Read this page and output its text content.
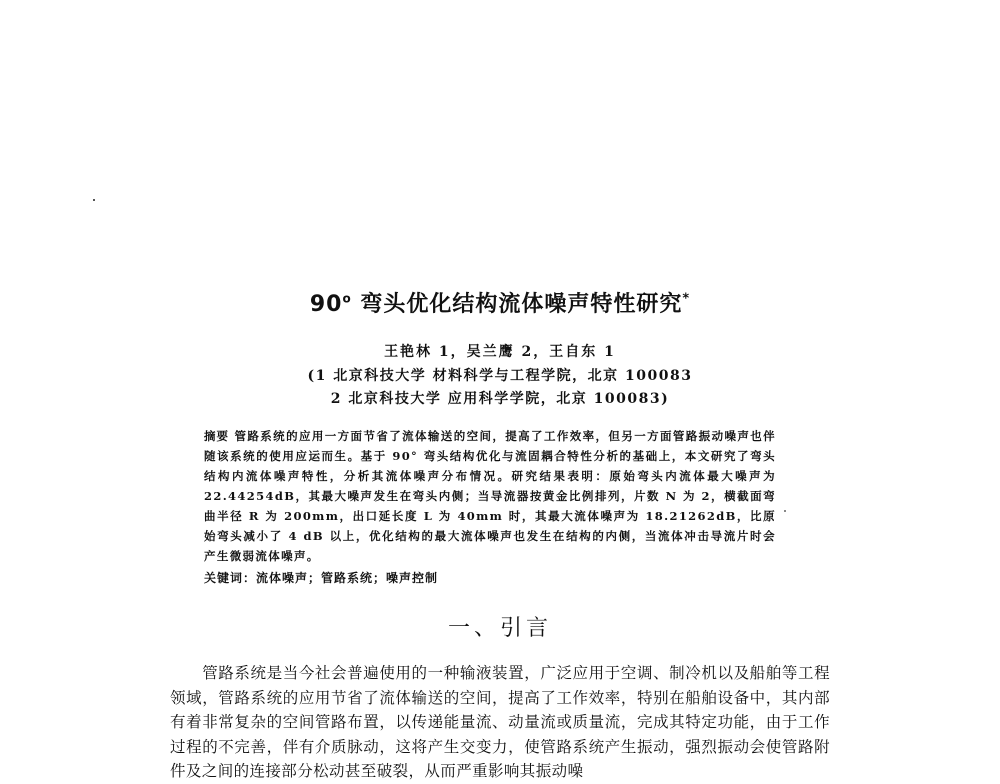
90$^o$ 弯头优化结构流体噪声特性研究*
王艳林 1，吴兰鹰 2，王自东 1
(1 北京科技大学 材料科学与工程学院，北京 100083
2 北京科技大学 应用科学学院，北京 100083)
摘要 管路系统的应用一方面节省了流体输送的空间，提高了工作效率，但另一方面管路振动噪声也伴随该系统的使用应运而生。基于 90° 弯头结构优化与流固耦合特性分析的基础上，本文研究了弯头结构内流体噪声特性，分析其流体噪声分布情况。研究结果表明：原始弯头内流体最大噪声为 22.44254dB，其最大噪声发生在弯头内侧；当导流器按黄金比例排列，片数 N 为 2，横截面弯曲半径 R 为 200mm，出口延长度 L 为 40mm 时，其最大流体噪声为 18.21262dB，比原始弯头减小了 4 dB 以上，优化结构的最大流体噪声也发生在结构的内侧，当流体冲击导流片时会产生微弱流体噪声。
关键词：流体噪声；管路系统；噪声控制
一、引言
管路系统是当今社会普遍使用的一种输液装置，广泛应用于空调、制冷机以及船舶等工程领域，管路系统的应用节省了流体输送的空间，提高了工作效率，特别在船舶设备中，其内部有着非常复杂的空间管路布置，以传递能量流、动量流或质量流，完成其特定功能，由于工作过程的不完善，伴有介质脉动，这将产生交变力，使管路系统产生振动，强烈振动会使管路附件及之间的连接部分松动甚至破裂，从而严重影响其振动噪
